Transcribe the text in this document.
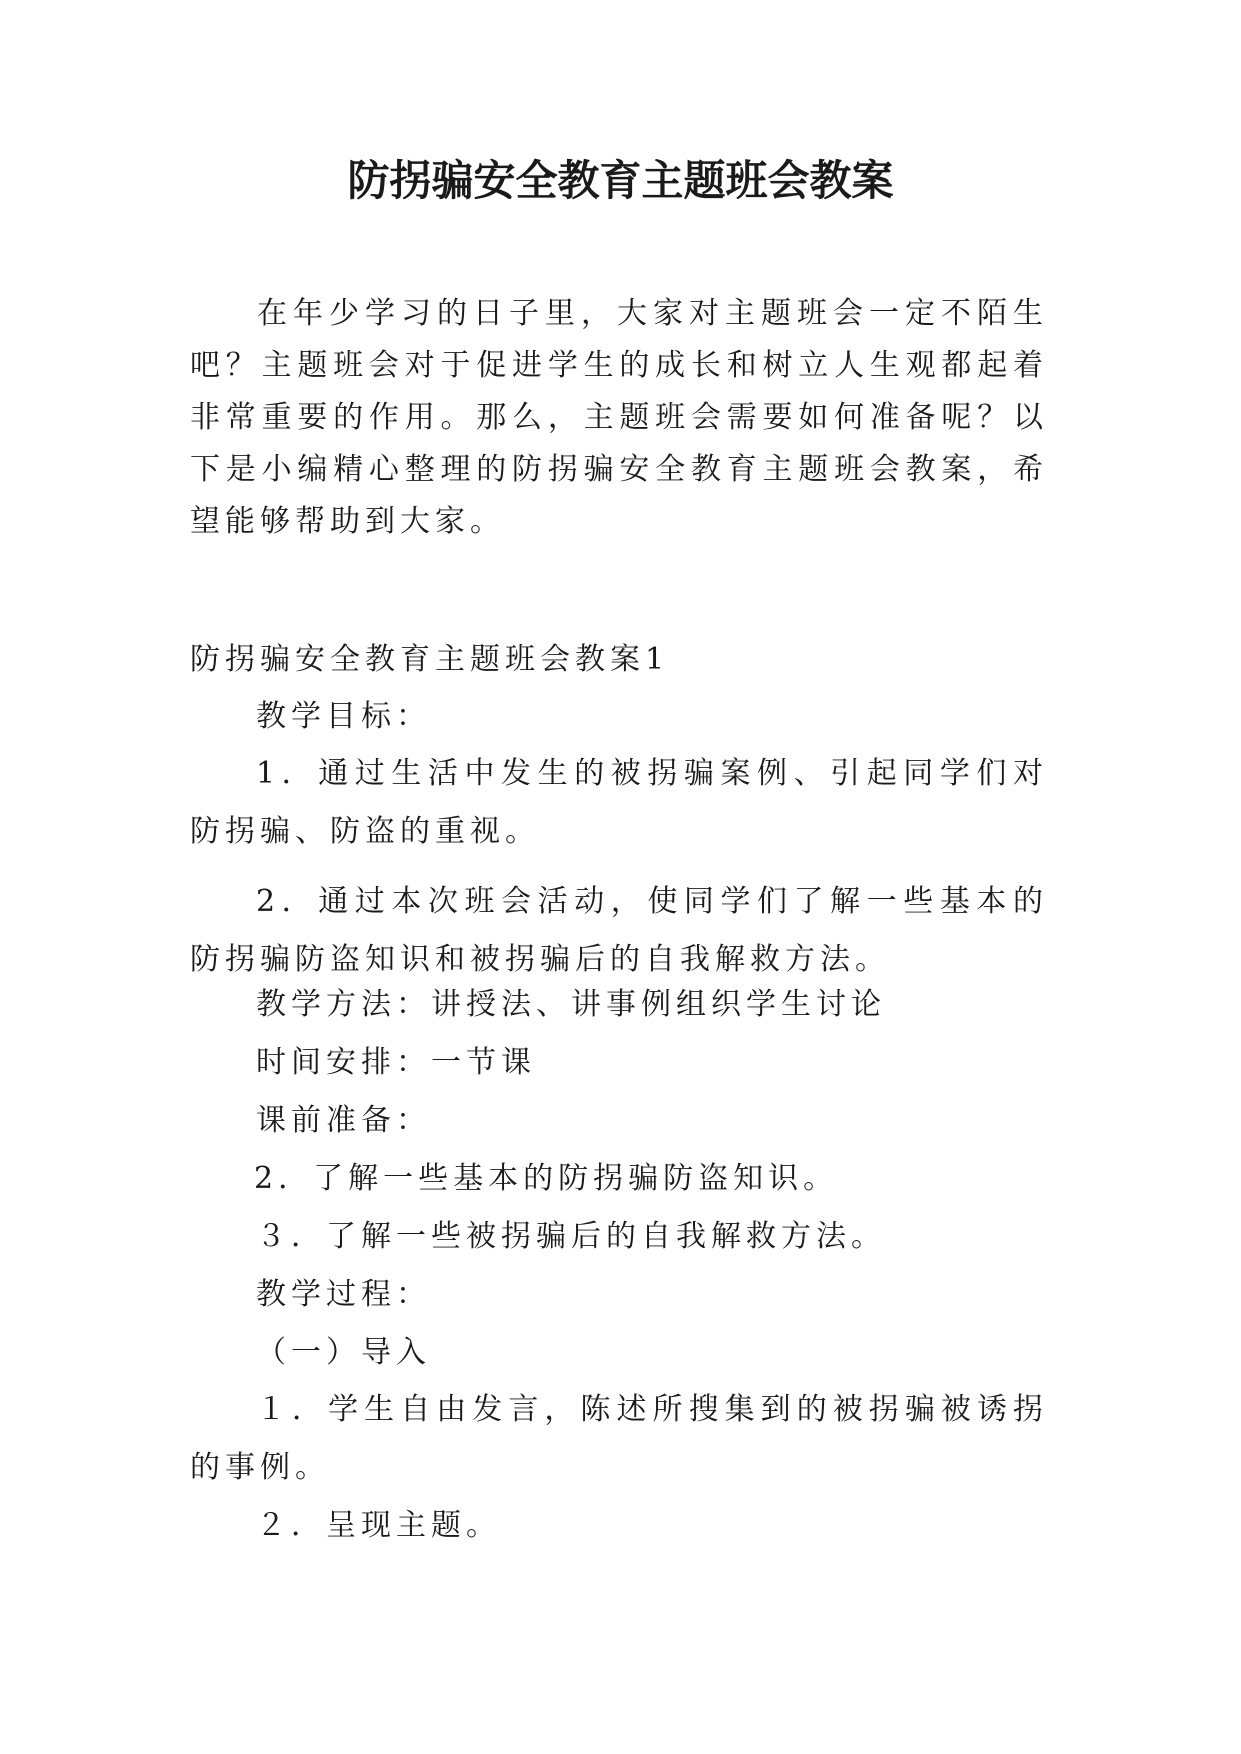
防拐骗安全教育主题班会教案

在年少学习的日子里，大家对主题班会一定不陌生吧？主题班会对于促进学生的成长和树立人生观都起着非常重要的作用。那么，主题班会需要如何准备呢？以下是小编精心整理的防拐骗安全教育主题班会教案，希望能够帮助到大家。

防拐骗安全教育主题班会教案1

教学目标：

1．通过生活中发生的被拐骗案例、引起同学们对防拐骗、防盗的重视。

2．通过本次班会活动，使同学们了解一些基本的防拐骗防盗知识和被拐骗后的自我解救方法。

教学方法：讲授法、讲事例组织学生讨论

时间安排：一节课

课前准备：

2．了解一些基本的防拐骗防盗知识。

３．了解一些被拐骗后的自我解救方法。

教学过程：

（一）导入

１．学生自由发言，陈述所搜集到的被拐骗被诱拐的事例。

２．呈现主题。
